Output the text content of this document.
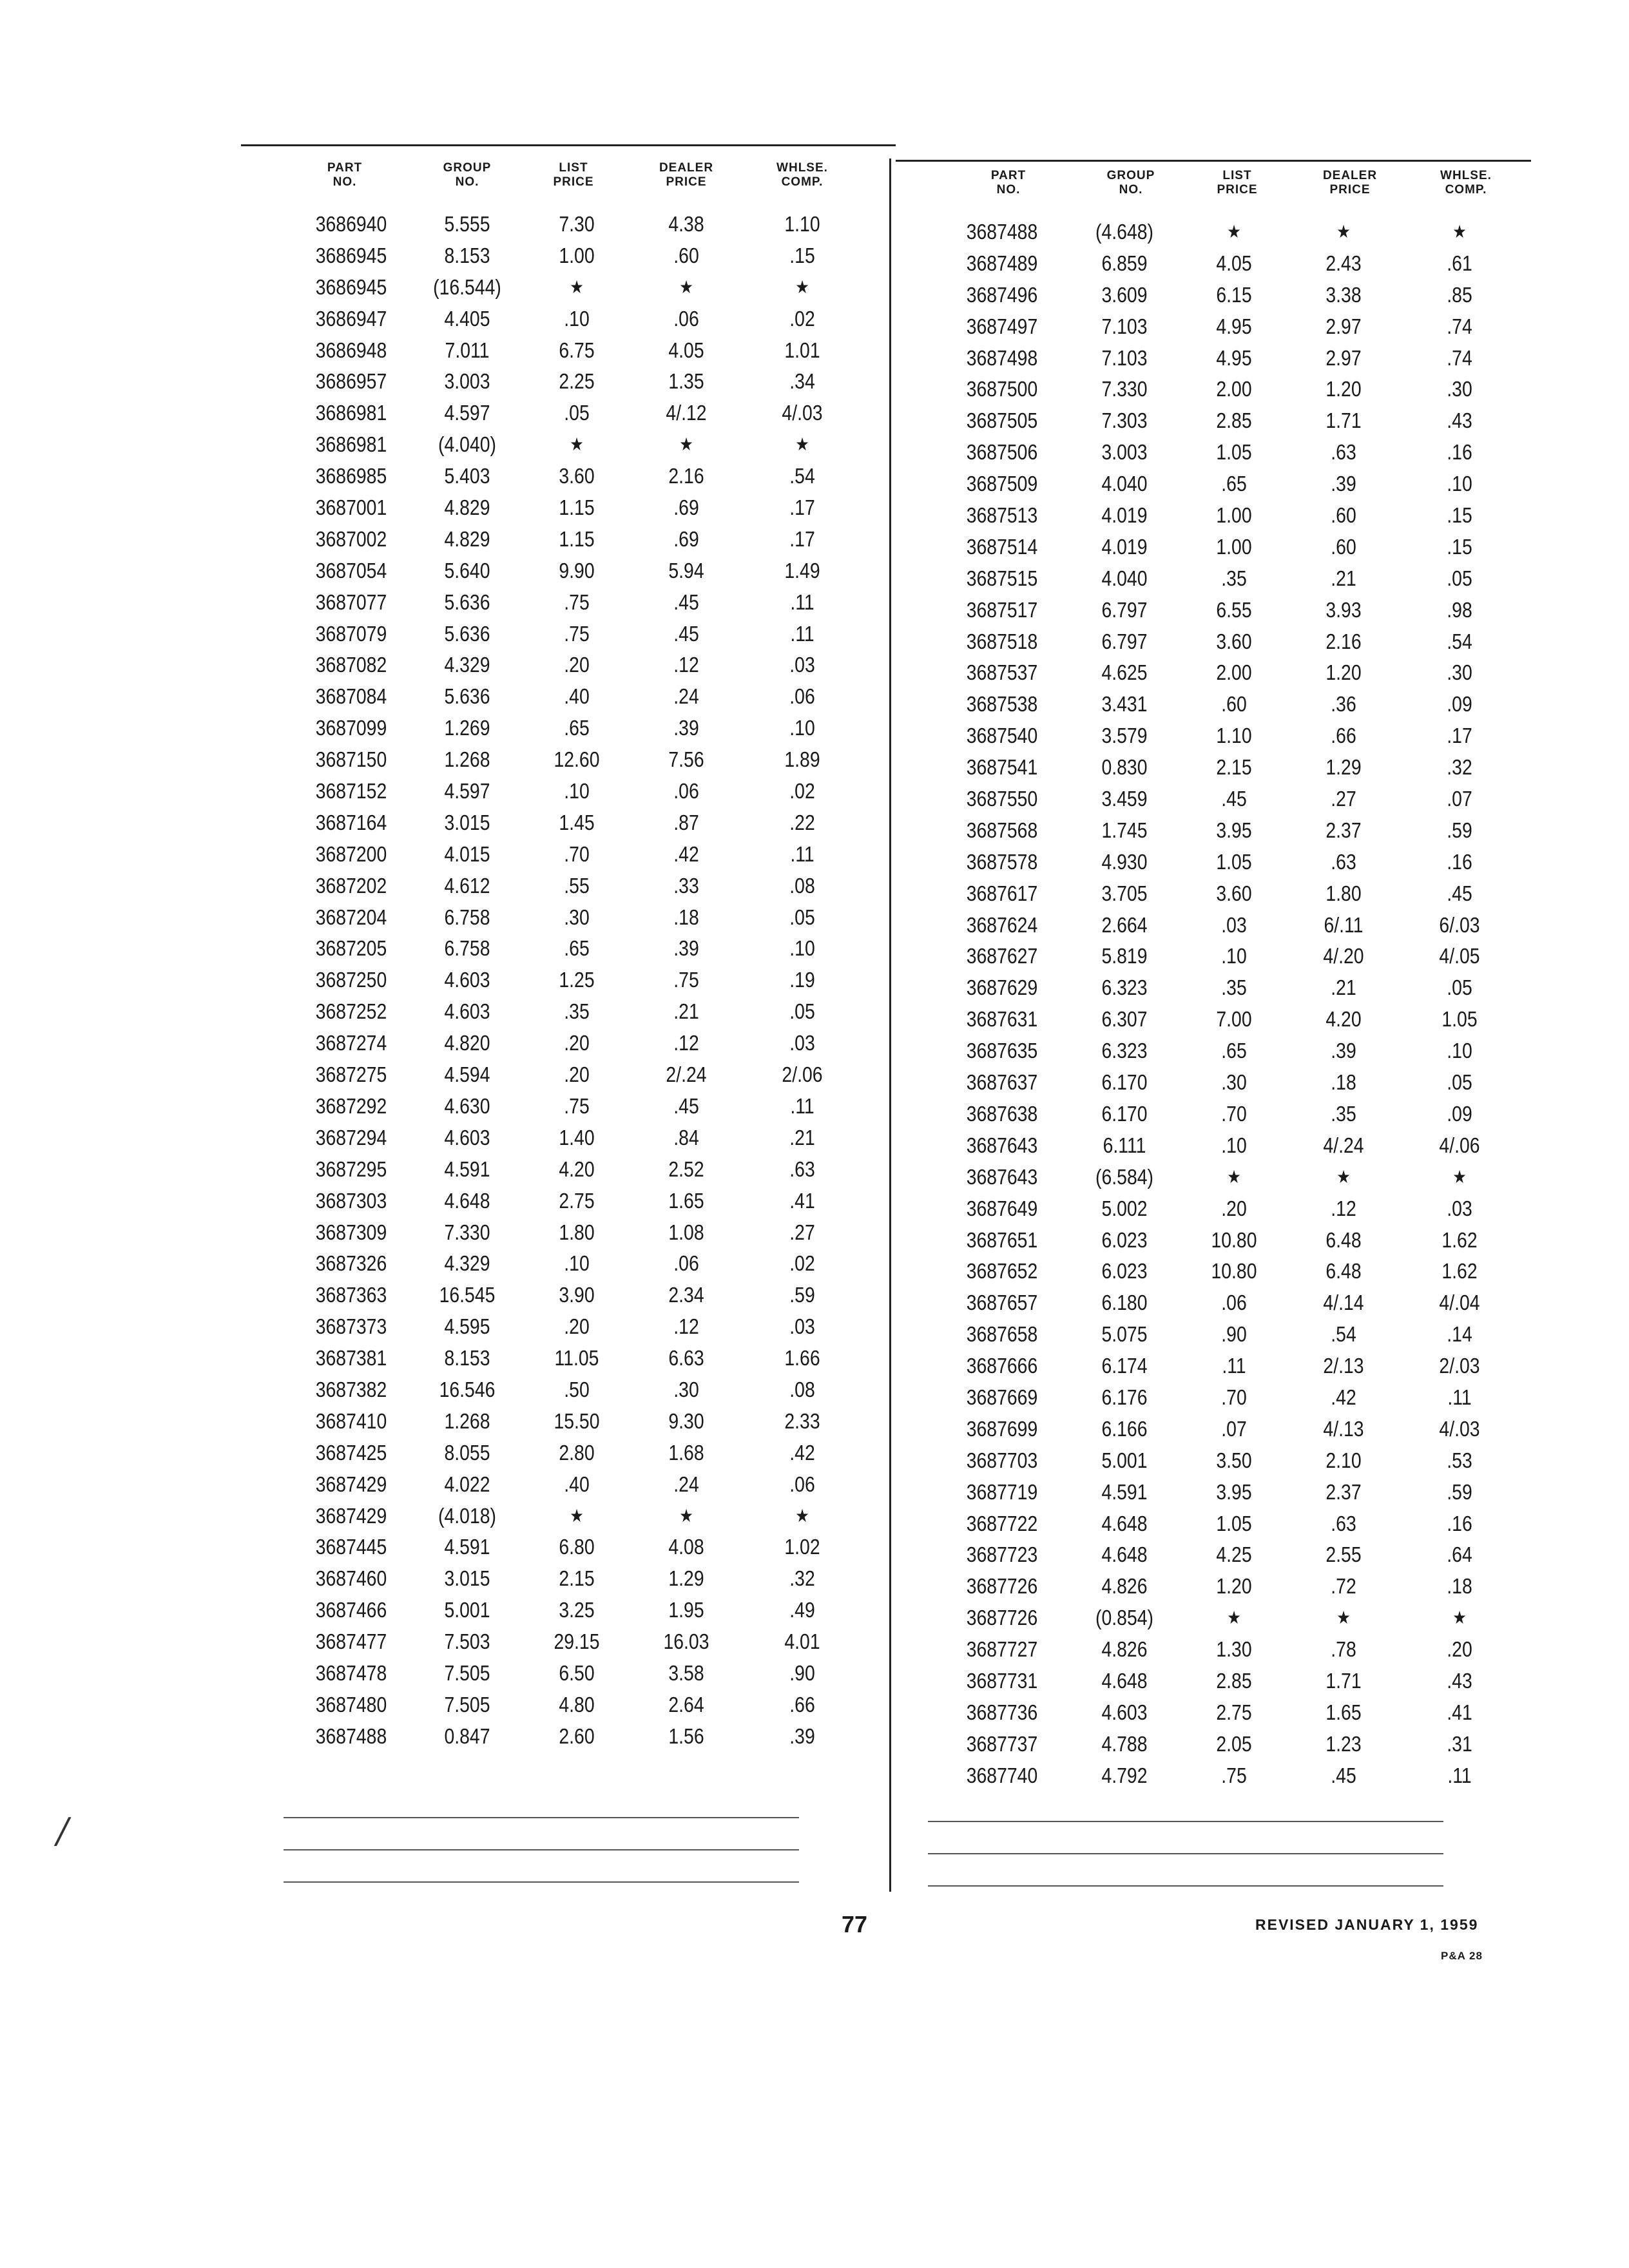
PART
NO.
GROUP
NO.
LIST
PRICE
DEALER
PRICE
WHLSE.
COMP.
3686940	5.555	7.30	4.38	1.10
3686945	8.153	1.00	.60	.15
3686945	(16.544)	★	★	★
3686947	4.405	.10	.06	.02
3686948	7.011	6.75	4.05	1.01
3686957	3.003	2.25	1.35	.34
3686981	4.597	.05	4/.12	4/.03
3686981	(4.040)	★	★	★
3686985	5.403	3.60	2.16	.54
3687001	4.829	1.15	.69	.17
3687002	4.829	1.15	.69	.17
3687054	5.640	9.90	5.94	1.49
3687077	5.636	.75	.45	.11
3687079	5.636	.75	.45	.11
3687082	4.329	.20	.12	.03
3687084	5.636	.40	.24	.06
3687099	1.269	.65	.39	.10
3687150	1.268	12.60	7.56	1.89
3687152	4.597	.10	.06	.02
3687164	3.015	1.45	.87	.22
3687200	4.015	.70	.42	.11
3687202	4.612	.55	.33	.08
3687204	6.758	.30	.18	.05
3687205	6.758	.65	.39	.10
3687250	4.603	1.25	.75	.19
3687252	4.603	.35	.21	.05
3687274	4.820	.20	.12	.03
3687275	4.594	.20	2/.24	2/.06
3687292	4.630	.75	.45	.11
3687294	4.603	1.40	.84	.21
3687295	4.591	4.20	2.52	.63
3687303	4.648	2.75	1.65	.41
3687309	7.330	1.80	1.08	.27
3687326	4.329	.10	.06	.02
3687363	16.545	3.90	2.34	.59
3687373	4.595	.20	.12	.03
3687381	8.153	11.05	6.63	1.66
3687382	16.546	.50	.30	.08
3687410	1.268	15.50	9.30	2.33
3687425	8.055	2.80	1.68	.42
3687429	4.022	.40	.24	.06
3687429	(4.018)	★	★	★
3687445	4.591	6.80	4.08	1.02
3687460	3.015	2.15	1.29	.32
3687466	5.001	3.25	1.95	.49
3687477	7.503	29.15	16.03	4.01
3687478	7.505	6.50	3.58	.90
3687480	7.505	4.80	2.64	.66
3687488	0.847	2.60	1.56	.39
PART
NO.
GROUP
NO.
LIST
PRICE
DEALER
PRICE
WHLSE.
COMP.
3687488	(4.648)	★	★	★
3687489	6.859	4.05	2.43	.61
3687496	3.609	6.15	3.38	.85
3687497	7.103	4.95	2.97	.74
3687498	7.103	4.95	2.97	.74
3687500	7.330	2.00	1.20	.30
3687505	7.303	2.85	1.71	.43
3687506	3.003	1.05	.63	.16
3687509	4.040	.65	.39	.10
3687513	4.019	1.00	.60	.15
3687514	4.019	1.00	.60	.15
3687515	4.040	.35	.21	.05
3687517	6.797	6.55	3.93	.98
3687518	6.797	3.60	2.16	.54
3687537	4.625	2.00	1.20	.30
3687538	3.431	.60	.36	.09
3687540	3.579	1.10	.66	.17
3687541	0.830	2.15	1.29	.32
3687550	3.459	.45	.27	.07
3687568	1.745	3.95	2.37	.59
3687578	4.930	1.05	.63	.16
3687617	3.705	3.60	1.80	.45
3687624	2.664	.03	6/.11	6/.03
3687627	5.819	.10	4/.20	4/.05
3687629	6.323	.35	.21	.05
3687631	6.307	7.00	4.20	1.05
3687635	6.323	.65	.39	.10
3687637	6.170	.30	.18	.05
3687638	6.170	.70	.35	.09
3687643	6.111	.10	4/.24	4/.06
3687643	(6.584)	★	★	★
3687649	5.002	.20	.12	.03
3687651	6.023	10.80	6.48	1.62
3687652	6.023	10.80	6.48	1.62
3687657	6.180	.06	4/.14	4/.04
3687658	5.075	.90	.54	.14
3687666	6.174	.11	2/.13	2/.03
3687669	6.176	.70	.42	.11
3687699	6.166	.07	4/.13	4/.03
3687703	5.001	3.50	2.10	.53
3687719	4.591	3.95	2.37	.59
3687722	4.648	1.05	.63	.16
3687723	4.648	4.25	2.55	.64
3687726	4.826	1.20	.72	.18
3687726	(0.854)	★	★	★
3687727	4.826	1.30	.78	.20
3687731	4.648	2.85	1.71	.43
3687736	4.603	2.75	1.65	.41
3687737	4.788	2.05	1.23	.31
3687740	4.792	.75	.45	.11
/
77	REVISED JANUARY 1, 1959
P&A 28
